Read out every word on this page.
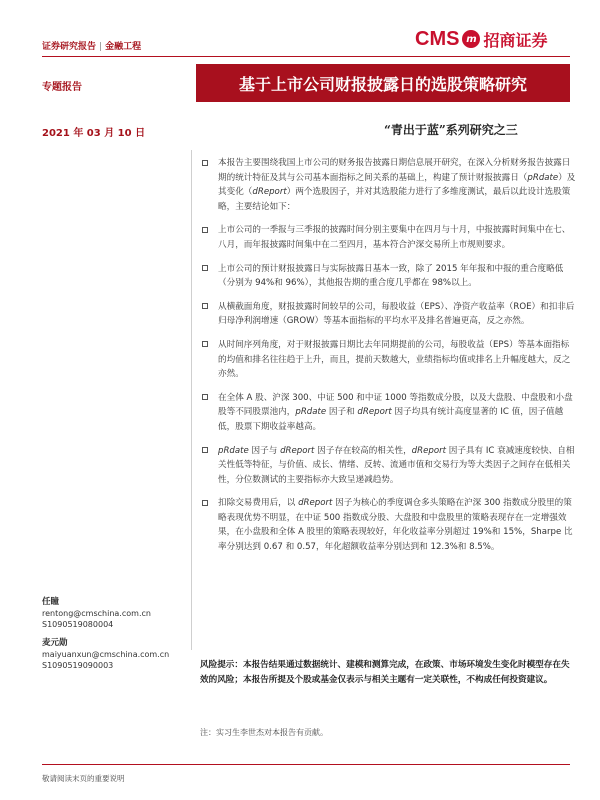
证券研究报告 | 金融工程	CMS m 招商证券
专题报告	基于上市公司财报披露日的选股策略研究
2021 年 03 月 10 日	“青出于蓝”系列研究之三
本报告主要围绕我国上市公司的财务报告披露日期信息展开研究，在深入分析财务报告披露日期的统计特征及其与公司基本面指标之间关系的基础上，构建了预计财报披露日（pRdate）及其变化（dReport）两个选股因子，并对其选股能力进行了多维度测试，最后以此设计选股策略，主要结论如下：
上市公司的一季报与三季报的披露时间分别主要集中在四月与十月，中报披露时间集中在七、八月，而年报披露时间集中在二至四月，基本符合沪深交易所上市规则要求。
上市公司的预计财报披露日与实际披露日基本一致，除了 2015 年年报和中报的重合度略低（分别为 94%和 96%），其他报告期的重合度几乎都在 98%以上。
从横截面角度，财报披露时间较早的公司，每股收益（EPS）、净资产收益率（ROE）和扣非后归母净利润增速（GROW）等基本面指标的平均水平及排名普遍更高，反之亦然。
从时间序列角度，对于财报披露日期比去年同期提前的公司，每股收益（EPS）等基本面指标的均值和排名往往趋于上升，而且，提前天数越大，业绩指标均值或排名上升幅度越大，反之亦然。
在全体 A 股、沪深 300、中证 500 和中证 1000 等指数成分股，以及大盘股、中盘股和小盘股等不同股票池内，pRdate 因子和 dReport 因子均具有统计高度显著的 IC 值，因子值越低，股票下期收益率越高。
pRdate 因子与 dReport 因子存在较高的相关性，dReport 因子具有 IC 衰减速度较快、自相关性低等特征，与价值、成长、情绪、反转、流通市值和交易行为等大类因子之间存在低相关性，分位数测试的主要指标亦大致呈递减趋势。
扣除交易费用后，以 dReport 因子为核心的季度调仓多头策略在沪深 300 指数成分股里的策略表现优势不明显，在中证 500 指数成分股、大盘股和中盘股里的策略表现存在一定增强效果，在小盘股和全体 A 股里的策略表现较好，年化收益率分别超过 19%和 15%，Sharpe 比率分别达到 0.67 和 0.57，年化超额收益率分别达到和 12.3%和 8.5%。
任瞳
rentong@cmschina.com.cn
S1090519080004
麦元勋
maiyuanxun@cmschina.com.cn
S1090519090003	风险提示：本报告结果通过数据统计、建模和测算完成，在政策、市场环境发生变化时模型存在失效的风险；本报告所提及个股或基金仅表示与相关主题有一定关联性，不构成任何投资建议。
注：实习生李世杰对本报告有贡献。
敬请阅读末页的重要说明
